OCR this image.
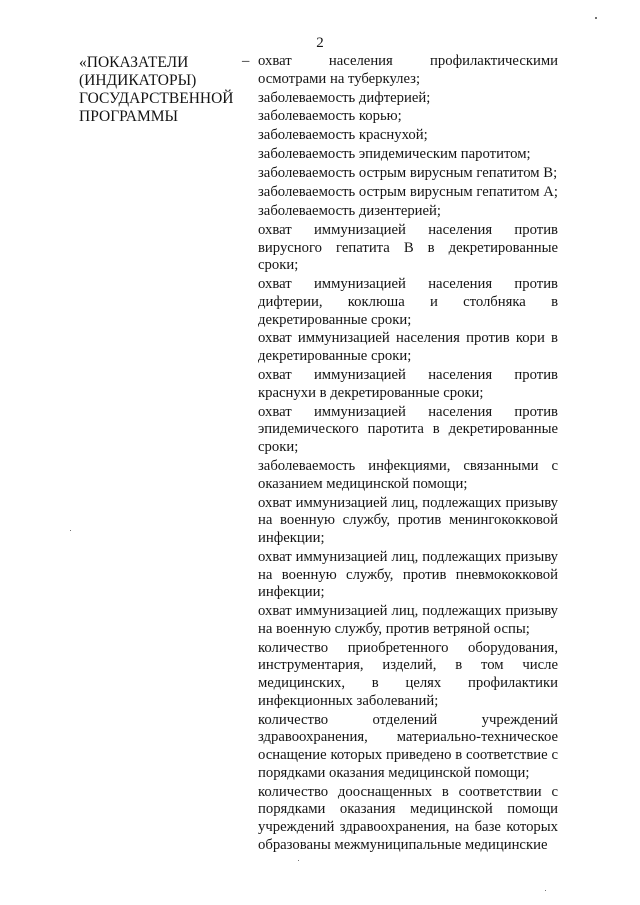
2
«ПОКАЗАТЕЛИ
(ИНДИКАТОРЫ)
ГОСУДАРСТВЕННОЙ
ПРОГРАММЫ
– охват населения профилактическими осмотрами на туберкулез;
заболеваемость дифтерией;
заболеваемость корью;
заболеваемость краснухой;
заболеваемость эпидемическим паротитом;
заболеваемость острым вирусным гепатитом B;
заболеваемость острым вирусным гепатитом A;
заболеваемость дизентерией;
охват иммунизацией населения против вирусного гепатита B в декретированные сроки;
охват иммунизацией населения против дифтерии, коклюша и столбняка в декретированные сроки;
охват иммунизацией населения против кори в декретированные сроки;
охват иммунизацией населения против краснухи в декретированные сроки;
охват иммунизацией населения против эпидемического паротита в декретированные сроки;
заболеваемость инфекциями, связанными с оказанием медицинской помощи;
охват иммунизацией лиц, подлежащих призыву на военную службу, против менингококковой инфекции;
охват иммунизацией лиц, подлежащих призыву на военную службу, против пневмококковой инфекции;
охват иммунизацией лиц, подлежащих призыву на военную службу, против ветряной оспы;
количество приобретенного оборудования, инструментария, изделий, в том числе медицинских, в целях профилактики инфекционных заболеваний;
количество отделений учреждений здравоохранения, материально-техническое оснащение которых приведено в соответствие с порядками оказания медицинской помощи;
количество дооснащенных в соответствии с порядками оказания медицинской помощи учреждений здравоохранения, на базе которых образованы межмуниципальные медицинские
